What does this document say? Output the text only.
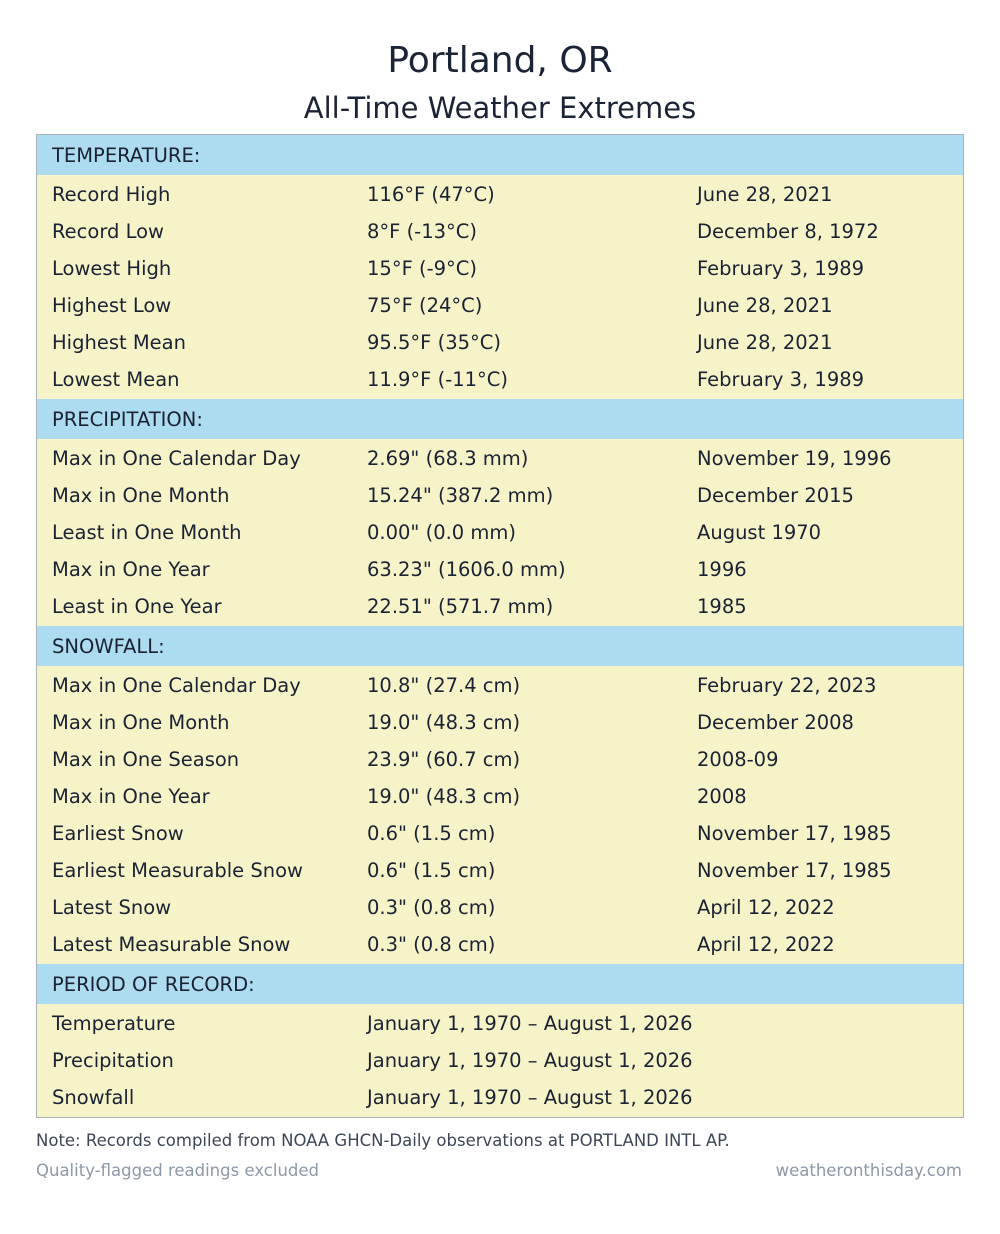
Portland, OR
All-Time Weather Extremes
TEMPERATURE:
Record High	116°F (47°C)	June 28, 2021
Record Low	8°F (-13°C)	December 8, 1972
Lowest High	15°F (-9°C)	February 3, 1989
Highest Low	75°F (24°C)	June 28, 2021
Highest Mean	95.5°F (35°C)	June 28, 2021
Lowest Mean	11.9°F (-11°C)	February 3, 1989
PRECIPITATION:
Max in One Calendar Day	2.69" (68.3 mm)	November 19, 1996
Max in One Month	15.24" (387.2 mm)	December 2015
Least in One Month	0.00" (0.0 mm)	August 1970
Max in One Year	63.23" (1606.0 mm)	1996
Least in One Year	22.51" (571.7 mm)	1985
SNOWFALL:
Max in One Calendar Day	10.8" (27.4 cm)	February 22, 2023
Max in One Month	19.0" (48.3 cm)	December 2008
Max in One Season	23.9" (60.7 cm)	2008-09
Max in One Year	19.0" (48.3 cm)	2008
Earliest Snow	0.6" (1.5 cm)	November 17, 1985
Earliest Measurable Snow	0.6" (1.5 cm)	November 17, 1985
Latest Snow	0.3" (0.8 cm)	April 12, 2022
Latest Measurable Snow	0.3" (0.8 cm)	April 12, 2022
PERIOD OF RECORD:
Temperature	January 1, 1970 – August 1, 2026
Precipitation	January 1, 1970 – August 1, 2026
Snowfall	January 1, 1970 – August 1, 2026
Note: Records compiled from NOAA GHCN-Daily observations at PORTLAND INTL AP.
Quality-flagged readings excluded	weatheronthisday.com
